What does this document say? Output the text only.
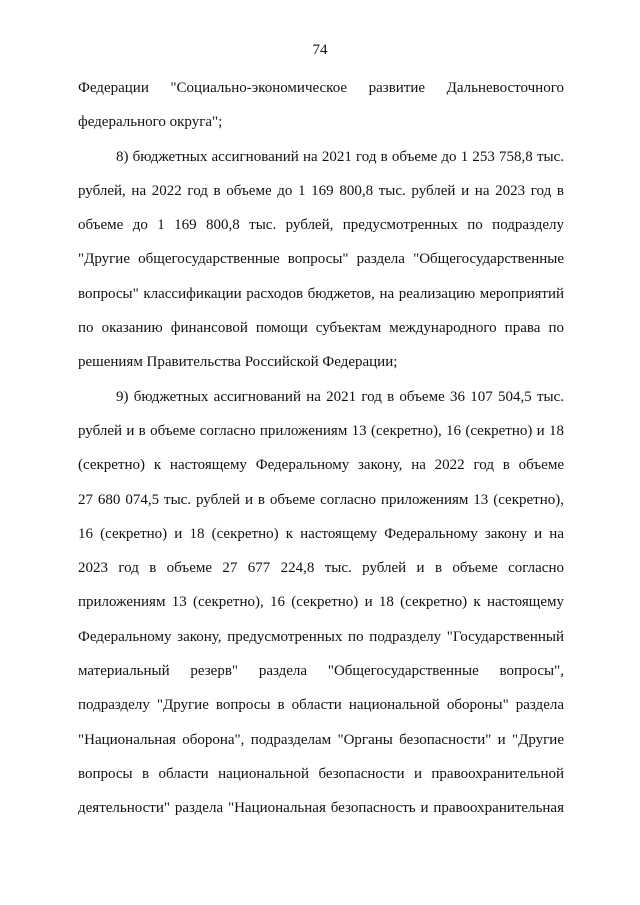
74
Федерации "Социально-экономическое развитие Дальневосточного
федерального округа";
8) бюджетных ассигнований на 2021 год в объеме до 1 253 758,8 тыс.
рублей, на 2022 год в объеме до 1 169 800,8 тыс. рублей и на 2023 год в
объеме до 1 169 800,8 тыс. рублей, предусмотренных по подразделу
"Другие общегосударственные вопросы" раздела "Общегосударственные
вопросы" классификации расходов бюджетов, на реализацию мероприятий
по оказанию финансовой помощи субъектам международного права по
решениям Правительства Российской Федерации;
9) бюджетных ассигнований на 2021 год в объеме 36 107 504,5 тыс.
рублей и в объеме согласно приложениям 13 (секретно), 16 (секретно) и 18
(секретно) к настоящему Федеральному закону, на 2022 год в объеме
27 680 074,5 тыс. рублей и в объеме согласно приложениям 13 (секретно),
16 (секретно) и 18 (секретно) к настоящему Федеральному закону и на
2023 год в объеме 27 677 224,8 тыс. рублей и в объеме согласно
приложениям 13 (секретно), 16 (секретно) и 18 (секретно) к настоящему
Федеральному закону, предусмотренных по подразделу "Государственный
материальный резерв" раздела "Общегосударственные вопросы",
подразделу "Другие вопросы в области национальной обороны" раздела
"Национальная оборона", подразделам "Органы безопасности" и "Другие
вопросы в области национальной безопасности и правоохранительной
деятельности" раздела "Национальная безопасность и правоохранительная
